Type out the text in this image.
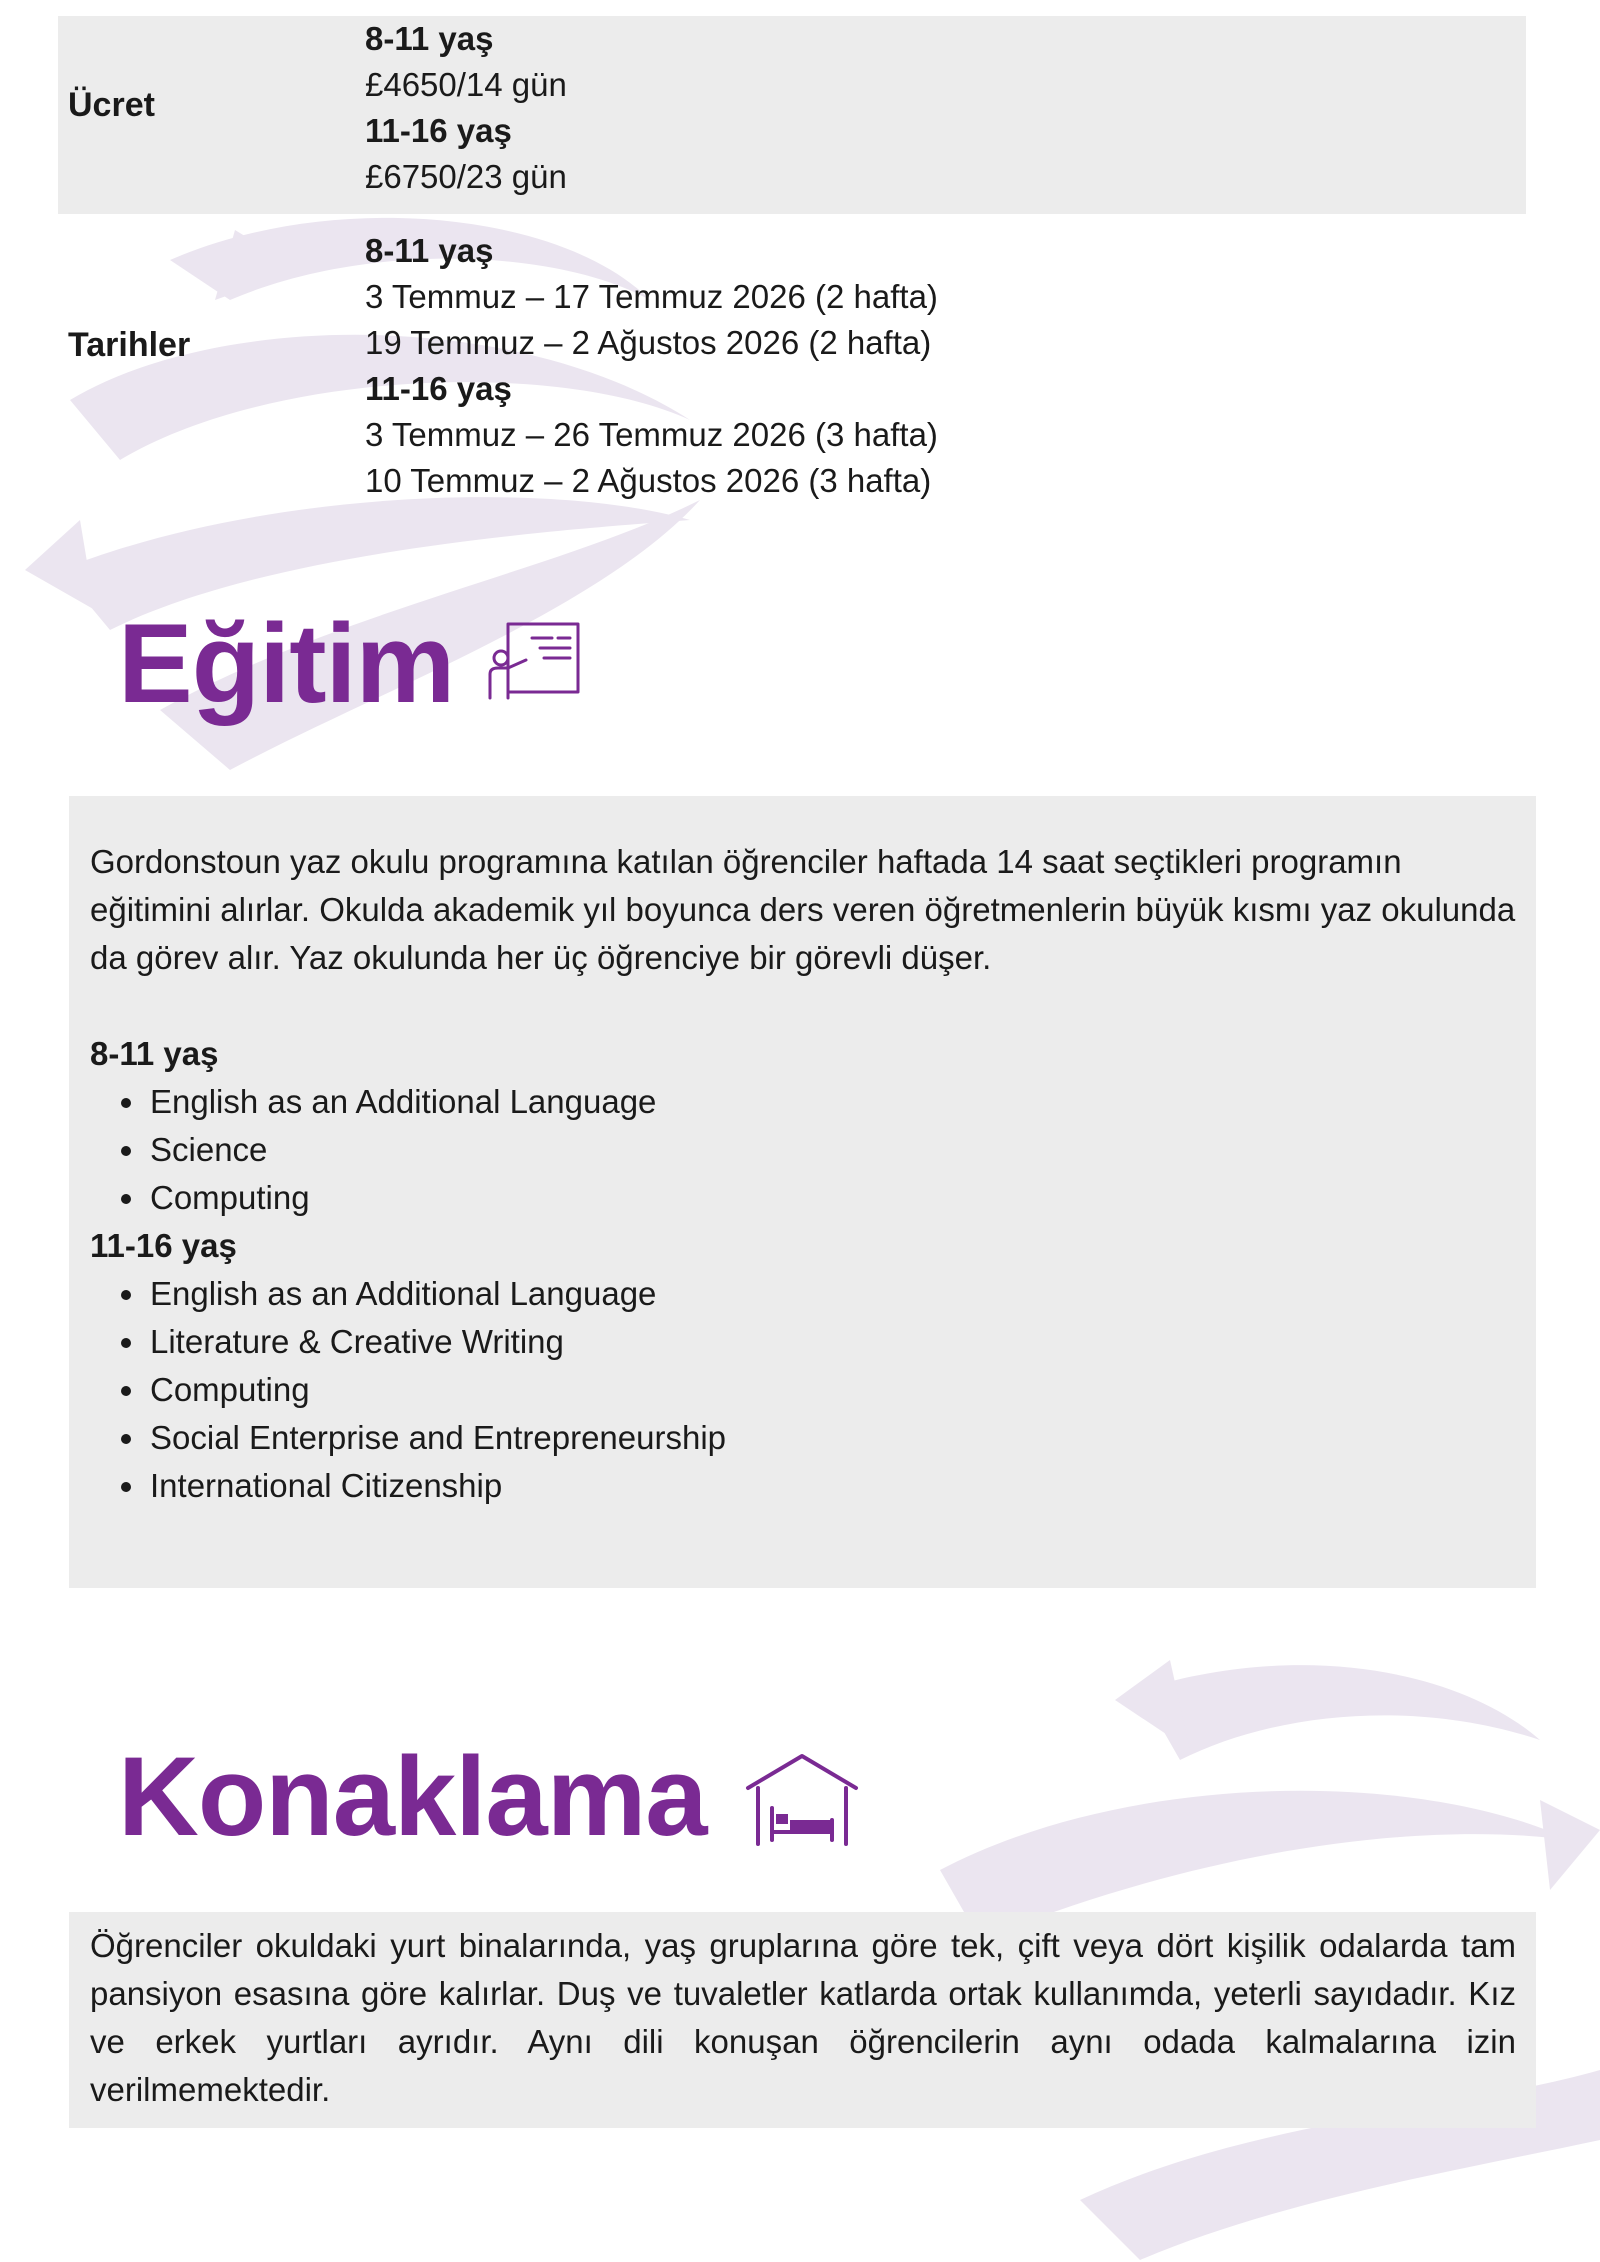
Ücret
8-11 yaş
£4650/14 gün
11-16 yaş
£6750/23 gün
Tarihler
8-11 yaş
3 Temmuz – 17 Temmuz 2026 (2 hafta)
19 Temmuz – 2 Ağustos 2026 (2 hafta)
11-16 yaş
3 Temmuz – 26 Temmuz 2026 (3 hafta)
10 Temmuz – 2 Ağustos 2026 (3 hafta)
Eğitim
Gordonstoun yaz okulu programına katılan öğrenciler haftada 14 saat seçtikleri programın eğitimini alırlar. Okulda akademik yıl boyunca ders veren öğretmenlerin büyük kısmı yaz okulunda da görev alır. Yaz okulunda her üç öğrenciye bir görevli düşer.
8-11 yaş
• English as an Additional Language
• Science
• Computing
11-16 yaş
• English as an Additional Language
• Literature & Creative Writing
• Computing
• Social Enterprise and Entrepreneurship
• International Citizenship
Konaklama
Öğrenciler okuldaki yurt binalarında, yaş gruplarına göre tek, çift veya dört kişilik odalarda tam pansiyon esasına göre kalırlar. Duş ve tuvaletler katlarda ortak kullanımda, yeterli sayıdadır. Kız ve erkek yurtları ayrıdır. Aynı dili konuşan öğrencilerin aynı odada kalmalarına izin verilmemektedir.
